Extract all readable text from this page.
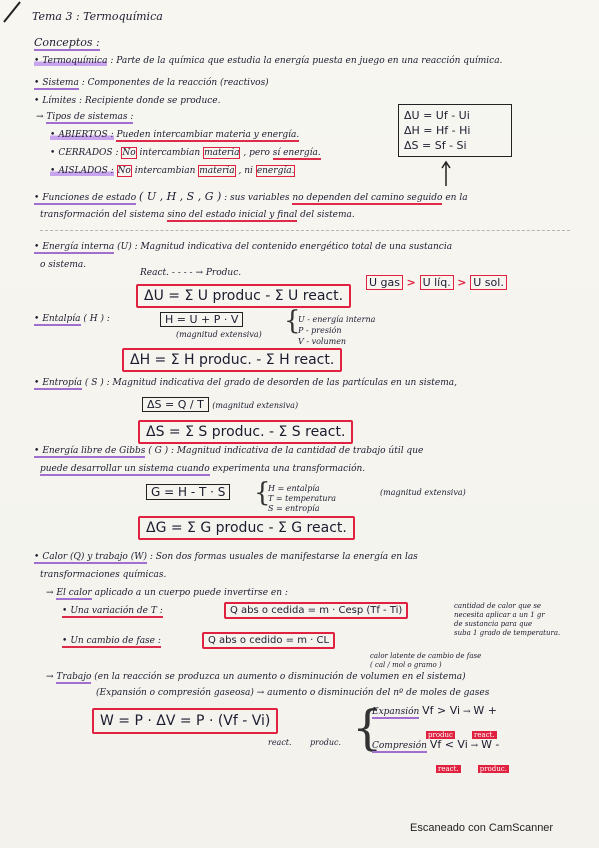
Tema 3 : Termoquímica
Conceptos :
• Termoquímica : Parte de la química que estudia la energía puesta en juego en una reacción química.
• Sistema : Componentes de la reacción (reactivos)
• Límites : Recipiente donde se produce.
→ Tipos de sistemas :
• ABIERTOS : Pueden intercambiar materia y energía.
• CERRADOS : No intercambian materia , pero sí energía.
• AISLADOS : No intercambian materia , ni energía.
ΔU = Uf - Ui
ΔH = Hf - Hi
ΔS = Sf - Si
• Funciones de estado ( U , H , S , G ) : sus variables no dependen del camino seguido en la
transformación del sistema sino del estado inicial y final del sistema.
• Energía interna (U) : Magnitud indicativa del contenido energético total de una sustancia
o sistema.
React. - - - - → Produc.
ΔU = Σ U produc - Σ U react.
U gas > U líq. > U sol.
• Entalpía ( H ) :	H = U + P · V
(magnitud extensiva) {
U - energía interna
P - presión
V - volumen
ΔH = Σ H produc. - Σ H react.
• Entropía ( S ) : Magnitud indicativa del grado de desorden de las partículas en un sistema,
ΔS = Q / T (magnitud extensiva)
ΔS = Σ S produc. - Σ S react.
• Energía libre de Gibbs ( G ) : Magnitud indicativa de la cantidad de trabajo útil que
puede desarrollar un sistema cuando experimenta una transformación.
G = H - T · S {
H = entalpía
T = temperatura
S = entropía
(magnitud extensiva)
ΔG = Σ G produc - Σ G react.
• Calor (Q) y trabajo (W) : Son dos formas usuales de manifestarse la energía en las
transformaciones químicas.
→ El calor aplicado a un cuerpo puede invertirse en :
• Una variación de T :	Q abs o cedida = m · Cesp (Tf - Ti)	cantidad de calor que se
necesita aplicar a un 1 gr
de sustancia para que
suba 1 grado de temperatura.
• Un cambio de fase :	Q abs o cedido = m · CL
calor latente de cambio de fase
( cal / mol o gramo )
→ Trabajo (en la reacción se produzca un aumento o disminución de volumen en el sistema)
(Expansión o compresión gaseosa) → aumento o disminución del nº de moles de gases
W = P · ΔV = P · (Vf - Vi)
react. produc. {
Expansión Vf > Vi → W +
produc	react.
Compresión Vf < Vi → W -
react.	produc.
Escaneado con CamScanner
